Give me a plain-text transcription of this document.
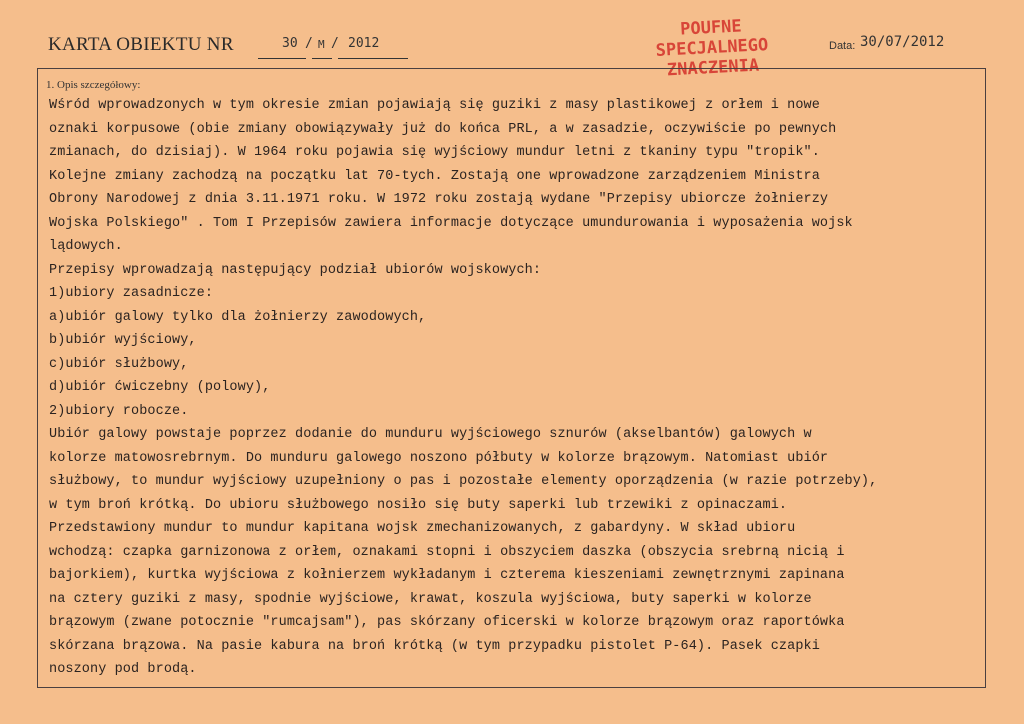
KARTA OBIEKTU NR	30 / M / 2012
POUFNE
SPECJALNEGO
ZNACZENIA
Data: 30/07/2012
1. Opis szczegółowy:
Wśród wprowadzonych w tym okresie zmian pojawiają się guziki z masy plastikowej z orłem i nowe
oznaki korpusowe (obie zmiany obowiązywały już do końca PRL, a w zasadzie, oczywiście po pewnych
zmianach, do dzisiaj). W 1964 roku pojawia się wyjściowy mundur letni z tkaniny typu "tropik".
Kolejne zmiany zachodzą na początku lat 70-tych. Zostają one wprowadzone zarządzeniem Ministra
Obrony Narodowej z dnia 3.11.1971 roku. W 1972 roku zostają wydane "Przepisy ubiorcze żołnierzy
Wojska Polskiego" . Tom I Przepisów zawiera informacje dotyczące umundurowania i wyposażenia wojsk
lądowych.
Przepisy wprowadzają następujący podział ubiorów wojskowych:
1)ubiory zasadnicze:
a)ubiór galowy tylko dla żołnierzy zawodowych,
b)ubiór wyjściowy,
c)ubiór służbowy,
d)ubiór ćwiczebny (polowy),
2)ubiory robocze.
Ubiór galowy powstaje poprzez dodanie do munduru wyjściowego sznurów (akselbantów) galowych w
kolorze matowosrebrnym. Do munduru galowego noszono półbuty w kolorze brązowym. Natomiast ubiór
służbowy, to mundur wyjściowy uzupełniony o pas i pozostałe elementy oporządzenia (w razie potrzeby),
w tym broń krótką. Do ubioru służbowego nosiło się buty saperki lub trzewiki z opinaczami.
Przedstawiony mundur to mundur kapitana wojsk zmechanizowanych, z gabardyny. W skład ubioru
wchodzą: czapka garnizonowa z orłem, oznakami stopni i obszyciem daszka (obszycia srebrną nicią i
bajorkiem), kurtka wyjściowa z kołnierzem wykładanym i czterema kieszeniami zewnętrznymi zapinana
na cztery guziki z masy, spodnie wyjściowe, krawat, koszula wyjściowa, buty saperki w kolorze
brązowym (zwane potocznie "rumcajsam"), pas skórzany oficerski w kolorze brązowym oraz raportówka
skórzana brązowa. Na pasie kabura na broń krótką (w tym przypadku pistolet P-64). Pasek czapki
noszony pod brodą.
